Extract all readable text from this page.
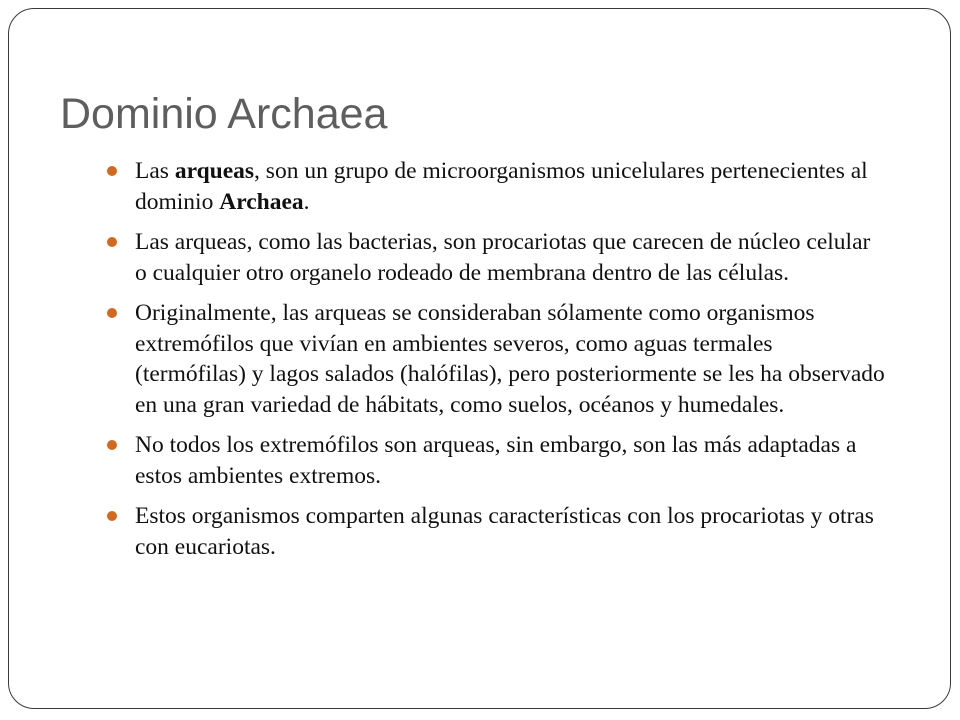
Dominio Archaea
Las arqueas, son un grupo de microorganismos unicelulares pertenecientes al dominio Archaea.
Las arqueas, como las bacterias, son procariotas que carecen de núcleo celular o cualquier otro organelo rodeado de membrana dentro de las células.
Originalmente, las arqueas se consideraban sólamente como organismos extremófilos que vivían en ambientes severos, como aguas termales (termófilas) y lagos salados (halófilas), pero posteriormente se les ha observado en una gran variedad de hábitats, como suelos, océanos y humedales.
No todos los extremófilos son arqueas, sin embargo, son las más adaptadas a estos ambientes extremos.
Estos organismos comparten algunas características con los procariotas y otras con eucariotas.
